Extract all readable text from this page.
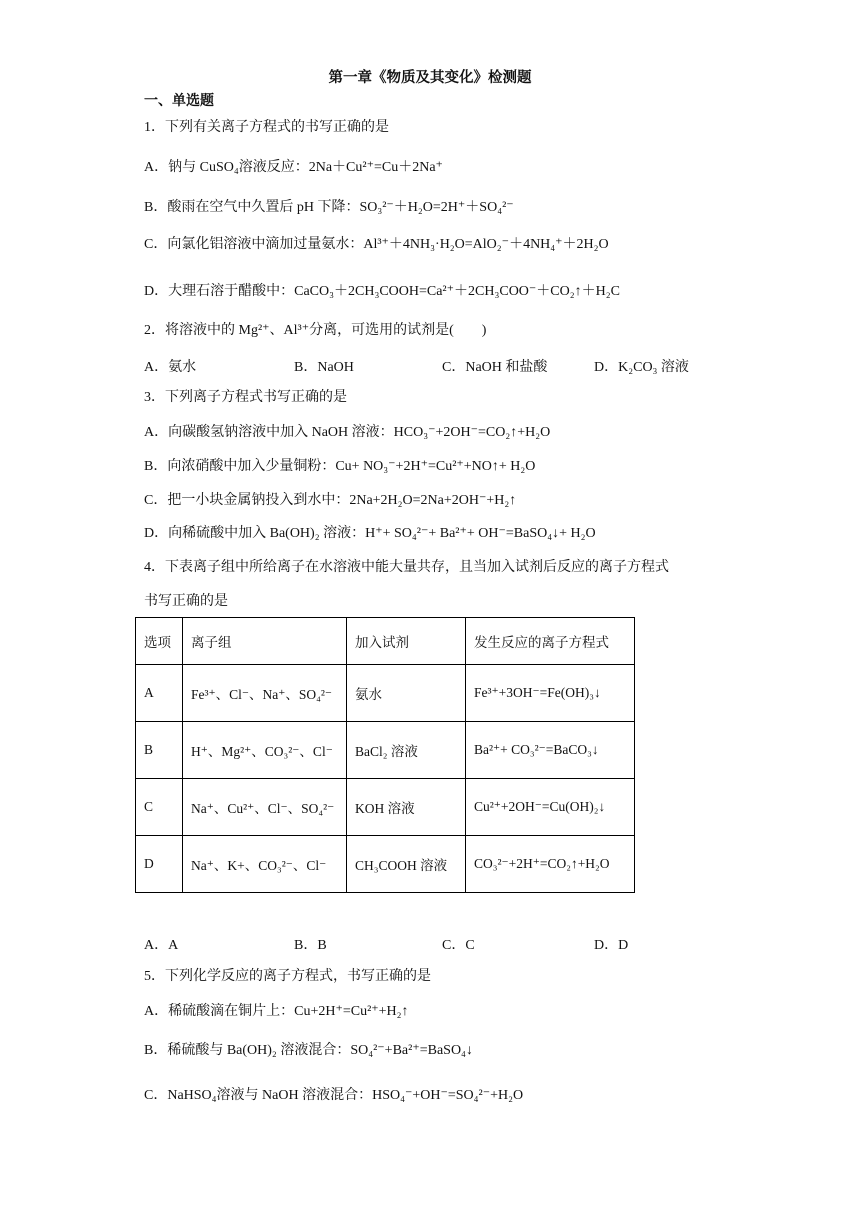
第一章《物质及其变化》检测题
一、单选题
1．下列有关离子方程式的书写正确的是
A．钠与 CuSO₄溶液反应：2Na＋Cu²⁺=Cu＋2Na⁺
B．酸雨在空气中久置后 pH 下降：SO₃²⁻＋H₂O=2H⁺＋SO₄²⁻
C．向氯化铝溶液中滴加过量氨水：Al³⁺＋4NH₃·H₂O=AlO₂⁻＋4NH₄⁺＋2H₂O
D．大理石溶于醋酸中：CaCO₃＋2CH₃COOH=Ca²⁺＋2CH₃COO⁻＋CO₂↑＋H₂C
2．将溶液中的 Mg²⁺、Al³⁺分离，可选用的试剂是(　　)
A．氨水	B．NaOH	C．NaOH 和盐酸	D．K₂CO₃ 溶液
3．下列离子方程式书写正确的是
A．向碳酸氢钠溶液中加入 NaOH 溶液：HCO₃⁻+2OH⁻=CO₂↑+H₂O
B．向浓硝酸中加入少量铜粉：Cu+ NO₃⁻+2H⁺=Cu²⁺+NO↑+ H₂O
C．把一小块金属钠投入到水中：2Na+2H₂O=2Na+2OH⁻+H₂↑
D．向稀硫酸中加入 Ba(OH)₂ 溶液：H⁺+ SO₄²⁻+ Ba²⁺+ OH⁻=BaSO₄↓+ H₂O
4．下表离子组中所给离子在水溶液中能大量共存，且当加入试剂后反应的离子方程式
书写正确的是
选项	离子组	加入试剂	发生反应的离子方程式
A	Fe³⁺、Cl⁻、Na⁺、SO₄²⁻	氨水	Fe³⁺+3OH⁻=Fe(OH)₃↓
B	H⁺、Mg²⁺、CO₃²⁻、Cl⁻	BaCl₂ 溶液	Ba²⁺+ CO₃²⁻=BaCO₃↓
C	Na⁺、Cu²⁺、Cl⁻、SO₄²⁻	KOH 溶液	Cu²⁺+2OH⁻=Cu(OH)₂↓
D	Na⁺、K+、CO₃²⁻、Cl⁻	CH₃COOH 溶液	CO₃²⁻+2H⁺=CO₂↑+H₂O
A．A	B．B	C．C	D．D
5．下列化学反应的离子方程式，书写正确的是
A．稀硫酸滴在铜片上：Cu+2H⁺=Cu²⁺+H₂↑
B．稀硫酸与 Ba(OH)₂ 溶液混合：SO₄²⁻+Ba²⁺=BaSO₄↓
C．NaHSO₄溶液与 NaOH 溶液混合：HSO₄⁻+OH⁻=SO₄²⁻+H₂O
